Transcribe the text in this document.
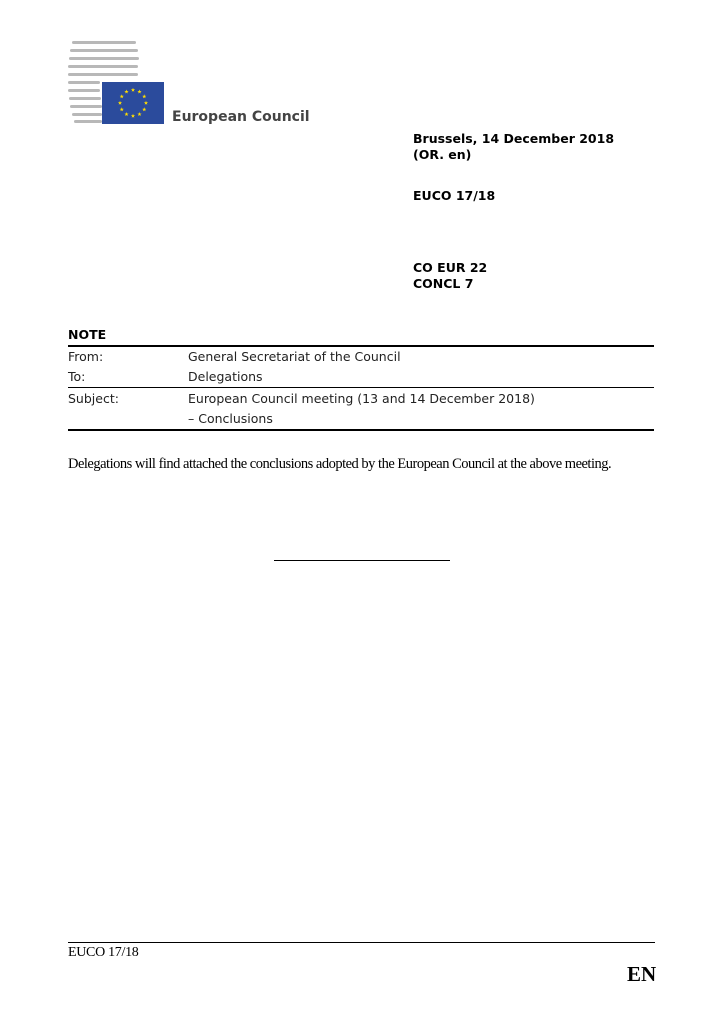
European Council
Brussels, 14 December 2018
(OR. en)
EUCO 17/18
CO EUR 22
CONCL 7
NOTE
From:	General Secretariat of the Council
To:	Delegations
Subject:	European Council meeting (13 and 14 December 2018)
– Conclusions
Delegations will find attached the conclusions adopted by the European Council at the above meeting.
EUCO 17/18
EN
